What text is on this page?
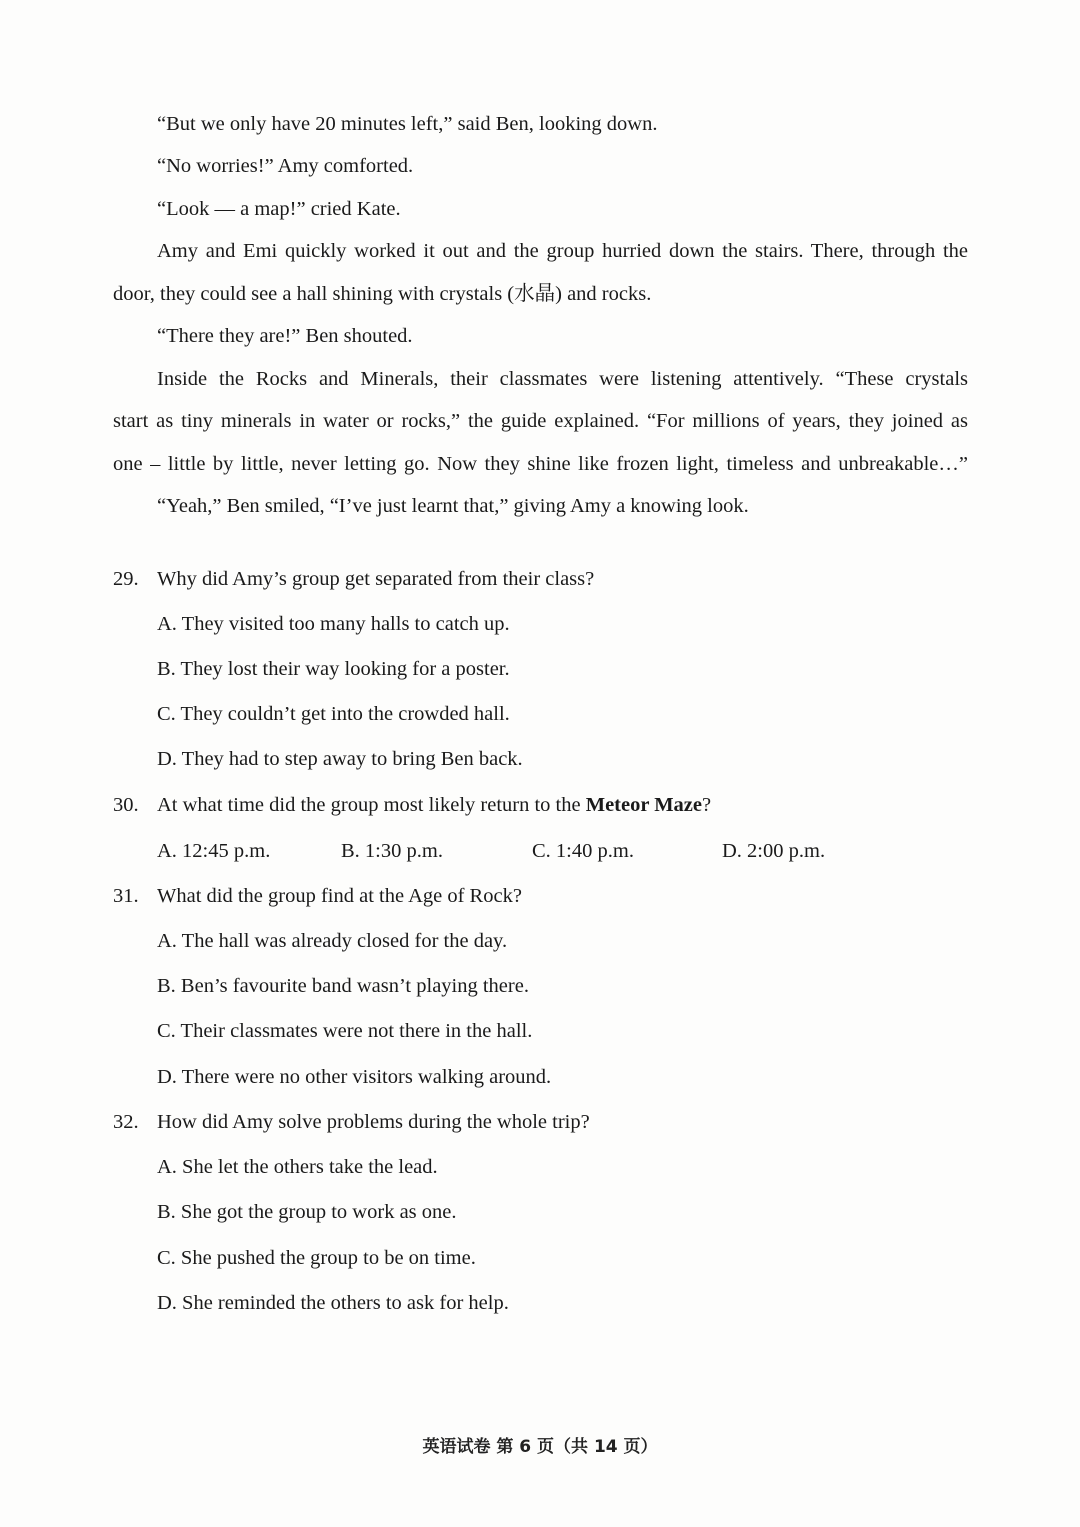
“But we only have 20 minutes left,” said Ben, looking down.
“No worries!” Amy comforted.
“Look — a map!” cried Kate.
Amy and Emi quickly worked it out and the group hurried down the stairs. There, through the
door, they could see a hall shining with crystals (水晶) and rocks.
“There they are!” Ben shouted.
Inside the Rocks and Minerals, their classmates were listening attentively. “These crystals
start as tiny minerals in water or rocks,” the guide explained. “For millions of years, they joined as
one – little by little, never letting go. Now they shine like frozen light, timeless and unbreakable…”
“Yeah,” Ben smiled, “I’ve just learnt that,” giving Amy a knowing look.
29. Why did Amy’s group get separated from their class?
A. They visited too many halls to catch up.
B. They lost their way looking for a poster.
C. They couldn’t get into the crowded hall.
D. They had to step away to bring Ben back.
30. At what time did the group most likely return to the Meteor Maze?
A. 12:45 p.m.	B. 1:30 p.m.	C. 1:40 p.m.	D. 2:00 p.m.
31. What did the group find at the Age of Rock?
A. The hall was already closed for the day.
B. Ben’s favourite band wasn’t playing there.
C. Their classmates were not there in the hall.
D. There were no other visitors walking around.
32. How did Amy solve problems during the whole trip?
A. She let the others take the lead.
B. She got the group to work as one.
C. She pushed the group to be on time.
D. She reminded the others to ask for help.
英语试卷 第 6 页（共 14 页）
